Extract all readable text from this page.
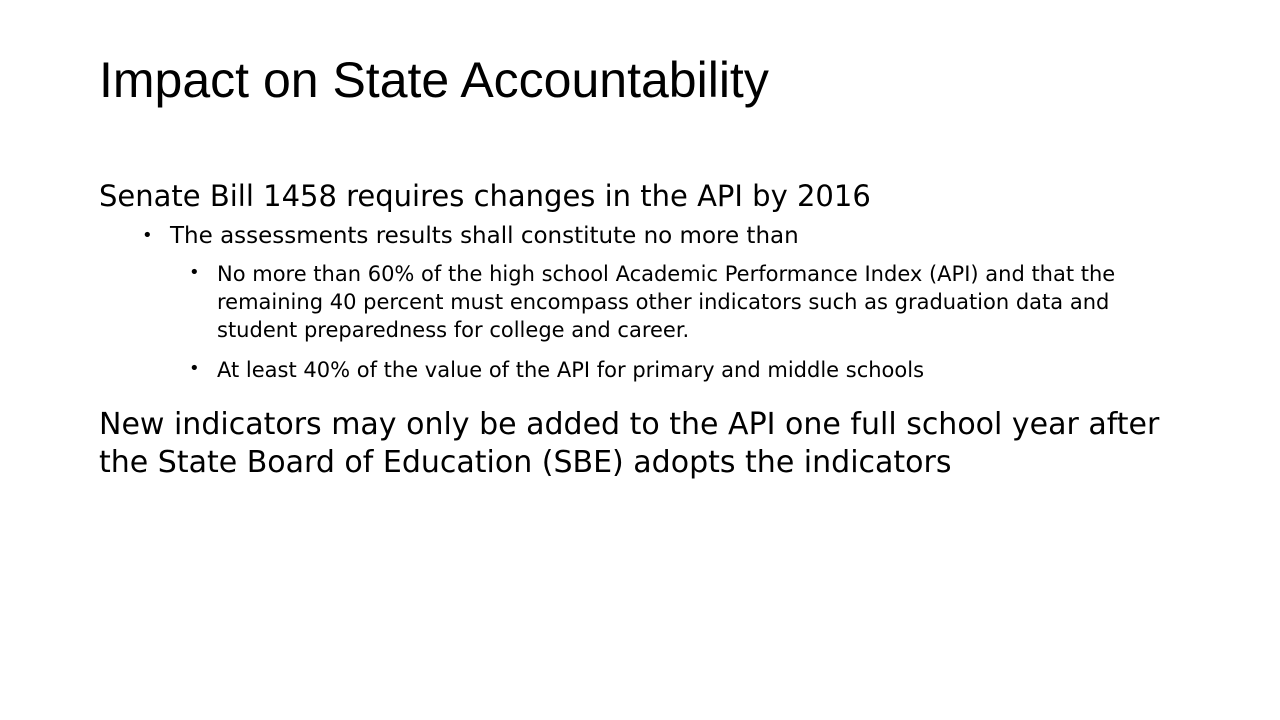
Impact on State Accountability

Senate Bill 1458 requires changes in the API by 2016

• The assessments results shall constitute no more than
• No more than 60% of the high school Academic Performance Index (API) and that the remaining 40 percent must encompass other indicators such as graduation data and student preparedness for college and career.
• At least 40% of the value of the API for primary and middle schools

New indicators may only be added to the API one full school year after the State Board of Education (SBE) adopts the indicators
